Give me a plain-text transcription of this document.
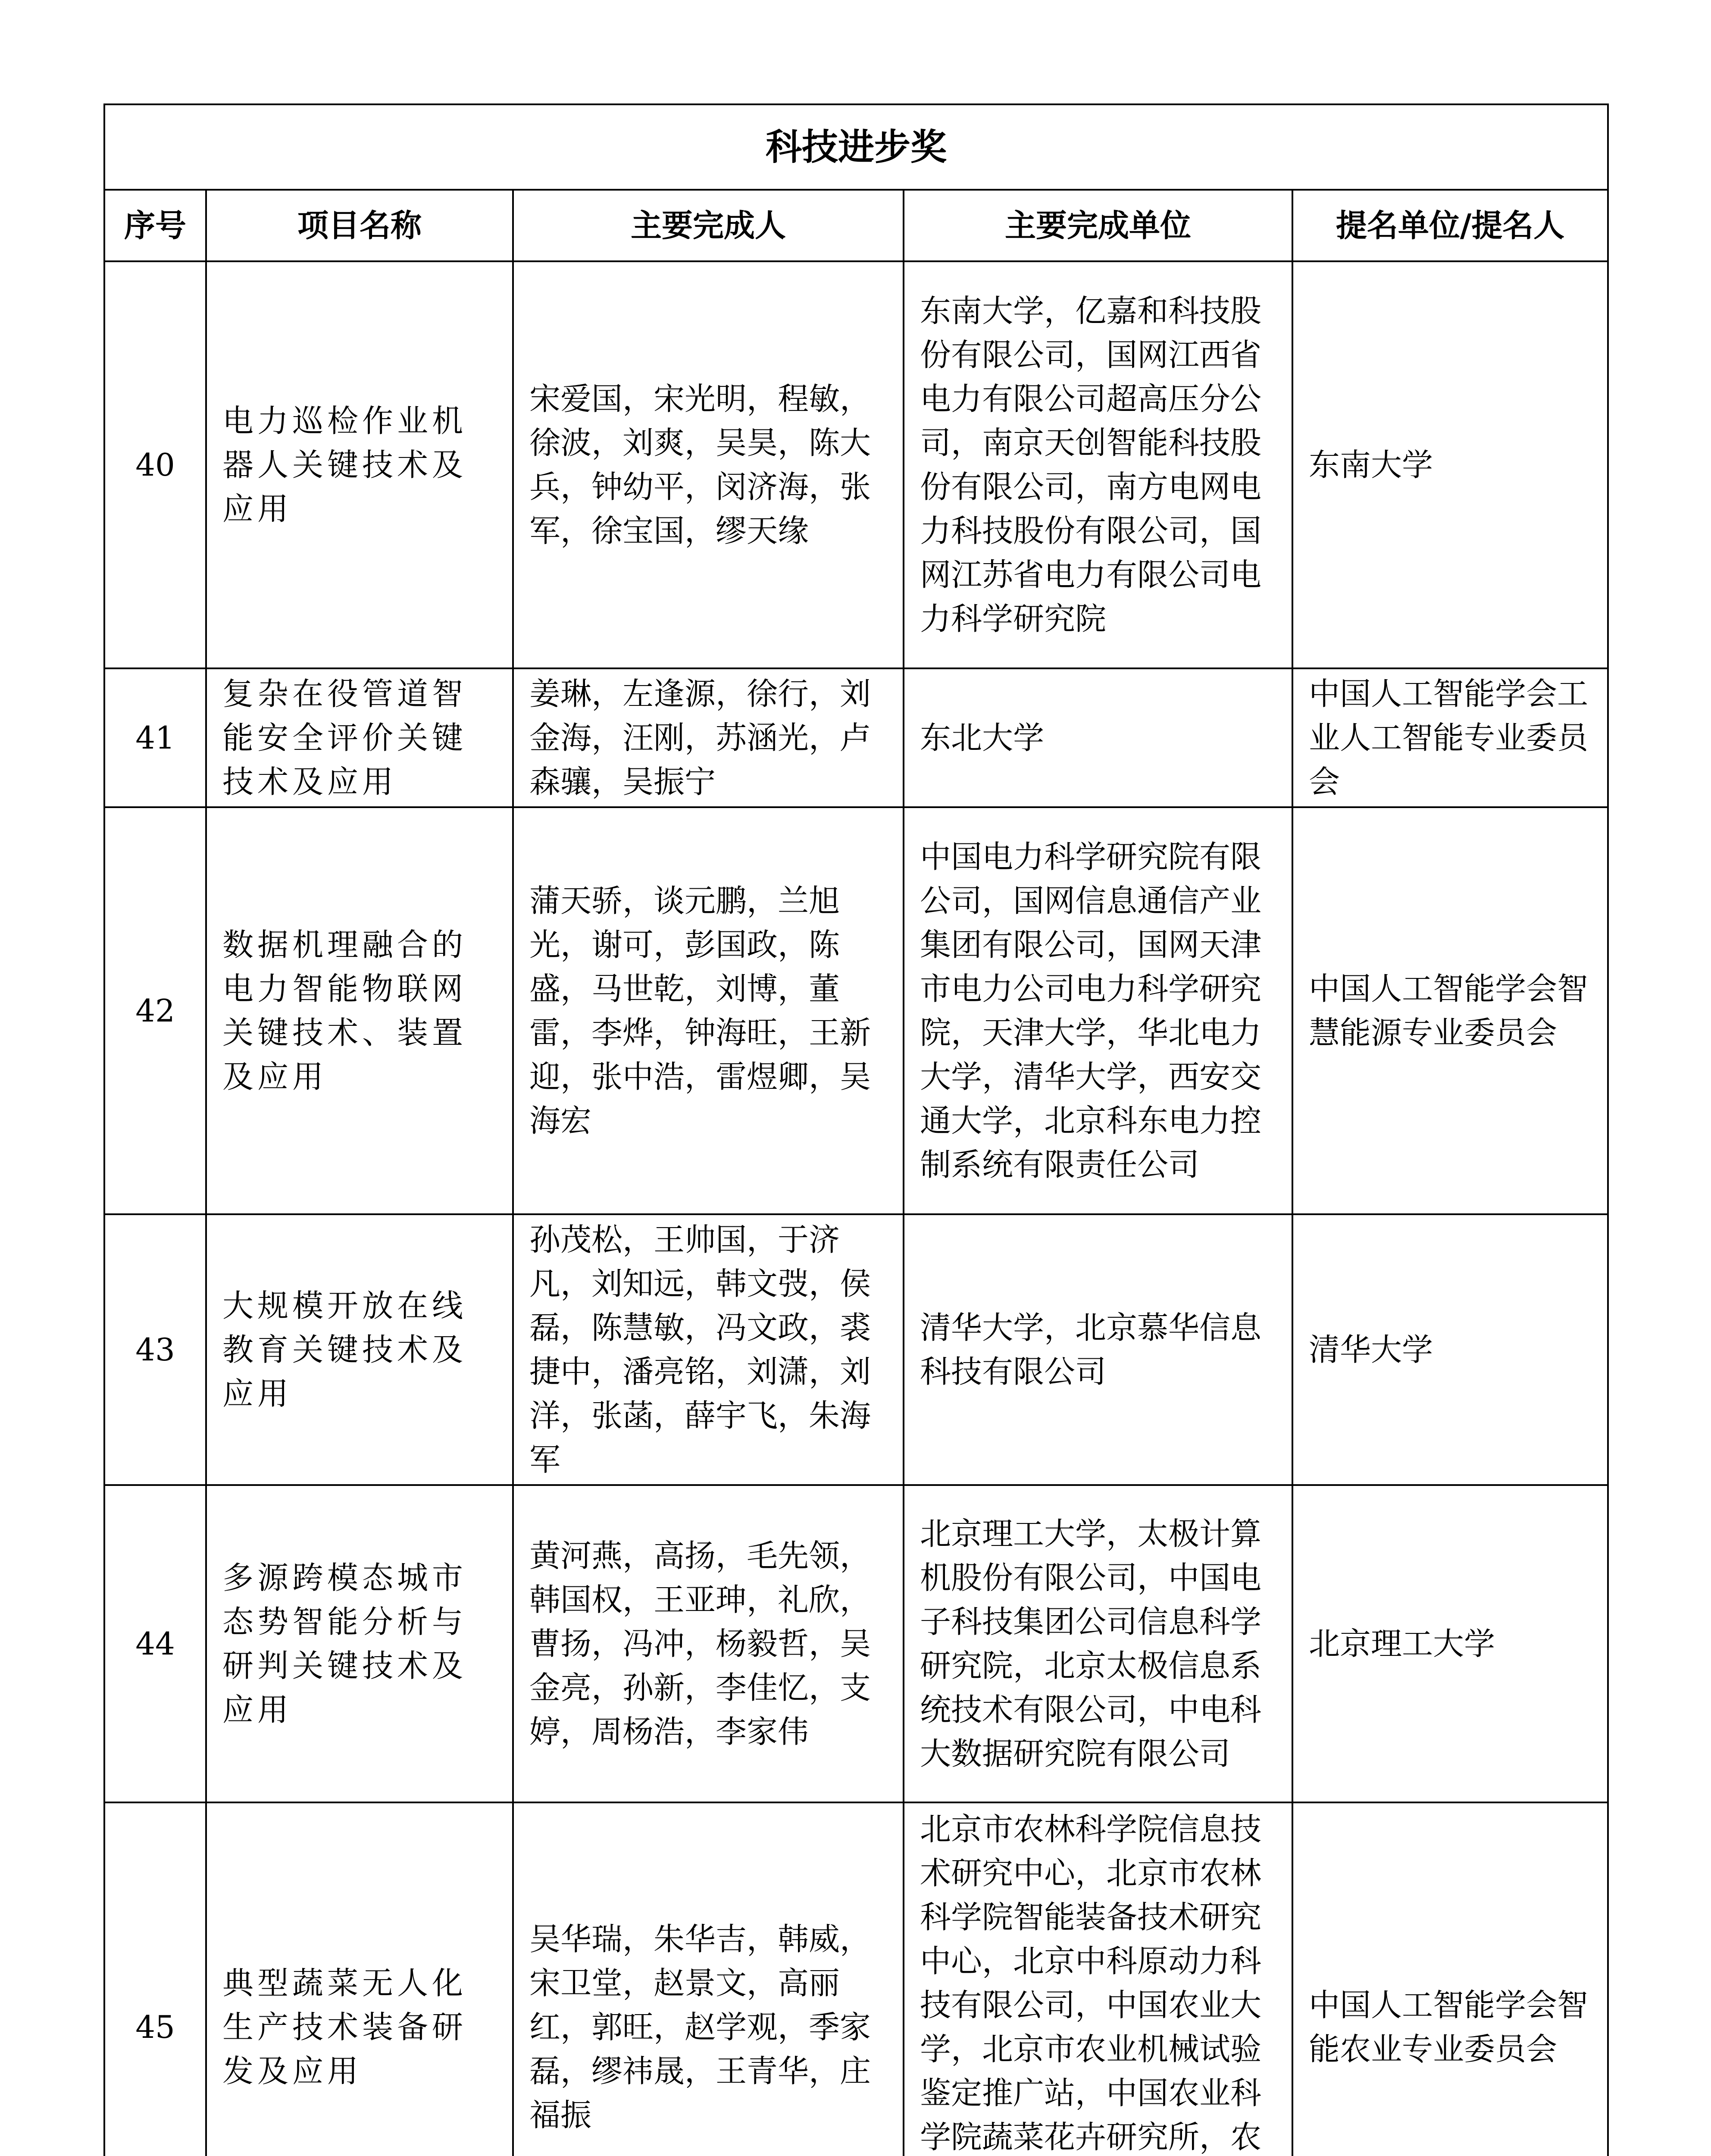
科技进步奖				
序号	项目名称	主要完成人	主要完成单位	提名单位/提名人
40	电力巡检作业机器人关键技术及应用	宋爱国，宋光明，程敏，徐波，刘爽，吴昊，陈大兵，钟幼平，闵济海，张军，徐宝国，缪天缘	东南大学，亿嘉和科技股份有限公司，国网江西省电力有限公司超高压分公司，南京天创智能科技股份有限公司，南方电网电力科技股份有限公司，国网江苏省电力有限公司电力科学研究院	东南大学
41	复杂在役管道智能安全评价关键技术及应用	姜琳，左逢源，徐行，刘金海，汪刚，苏涵光，卢森骧，吴振宁	东北大学	中国人工智能学会工业人工智能专业委员会
42	数据机理融合的电力智能物联网关键技术、装置及应用	蒲天骄，谈元鹏，兰旭光，谢可，彭国政，陈盛，马世乾，刘博，董雷，李烨，钟海旺，王新迎，张中浩，雷煜卿，吴海宏	中国电力科学研究院有限公司，国网信息通信产业集团有限公司，国网天津市电力公司电力科学研究院，天津大学，华北电力大学，清华大学，西安交通大学，北京科东电力控制系统有限责任公司	中国人工智能学会智慧能源专业委员会
43	大规模开放在线教育关键技术及应用	孙茂松，王帅国，于济凡，刘知远，韩文弢，侯磊，陈慧敏，冯文政，裘捷中，潘亮铭，刘潇，刘洋，张菡，薛宇飞，朱海军	清华大学，北京慕华信息科技有限公司	清华大学
44	多源跨模态城市态势智能分析与研判关键技术及应用	黄河燕，高扬，毛先领，韩国权，王亚珅，礼欣，曹扬，冯冲，杨毅哲，吴金亮，孙新，李佳忆，支婷，周杨浩，李家伟	北京理工大学，太极计算机股份有限公司，中国电子科技集团公司信息科学研究院，北京太极信息系统技术有限公司，中电科大数据研究院有限公司	北京理工大学
45	典型蔬菜无人化生产技术装备研发及应用	吴华瑞，朱华吉，韩威，宋卫堂，赵景文，高丽红，郭旺，赵学观，季家磊，缪祎晟，王青华，庄福振	北京市农林科学院信息技术研究中心，北京市农林科学院智能装备技术研究中心，北京中科原动力科技有限公司，中国农业大学，北京市农业机械试验鉴定推广站，中国农业科学院蔬菜花卉研究所，农	中国人工智能学会智能农业专业委员会
